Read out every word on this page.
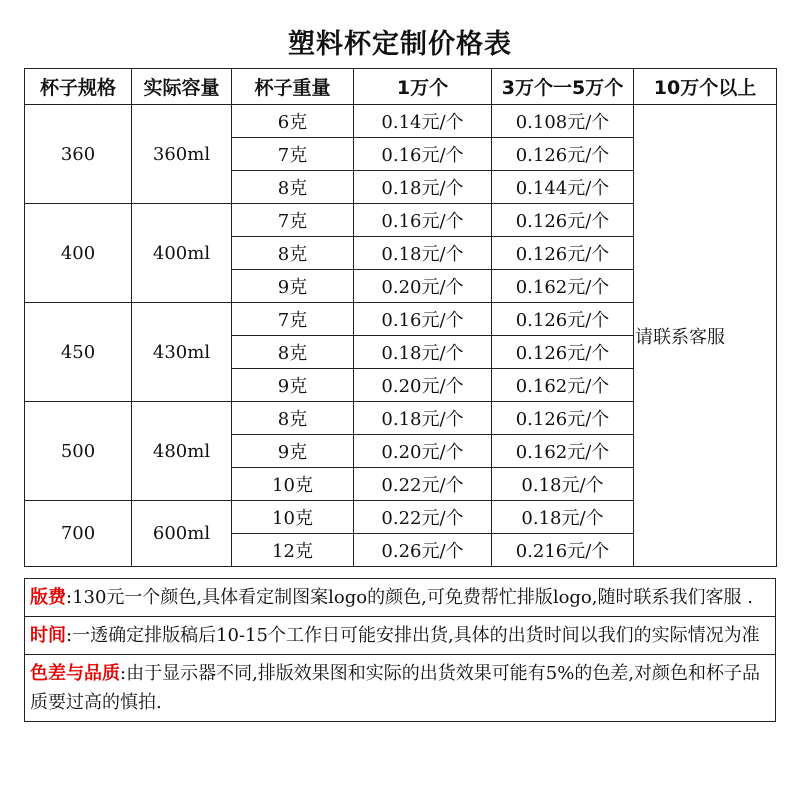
塑料杯定制价格表
杯子规格	实际容量	杯子重量	1万个	3万个一5万个	10万个以上
360	360ml	6克	0.14元/个	0.108元/个	请联系客服
		7克	0.16元/个	0.126元/个	
		8克	0.18元/个	0.144元/个	
400	400ml	7克	0.16元/个	0.126元/个	
		8克	0.18元/个	0.126元/个	
		9克	0.20元/个	0.162元/个	
450	430ml	7克	0.16元/个	0.126元/个	
		8克	0.18元/个	0.126元/个	
		9克	0.20元/个	0.162元/个	
500	480ml	8克	0.18元/个	0.126元/个	
		9克	0.20元/个	0.162元/个	
		10克	0.22元/个	0.18元/个	
700	600ml	10克	0.22元/个	0.18元/个	
		12克	0.26元/个	0.216元/个	
版费:130元一个颜色,具体看定制图案logo的颜色,可免费帮忙排版logo,随时联系我们客服 .
时间:一透确定排版稿后10-15个工作日可能安排出货,具体的出货时间以我们的实际情况为准
色差与品质:由于显示器不同,排版效果图和实际的出货效果可能有5%的色差,对颜色和杯子品质要过高的慎拍.
